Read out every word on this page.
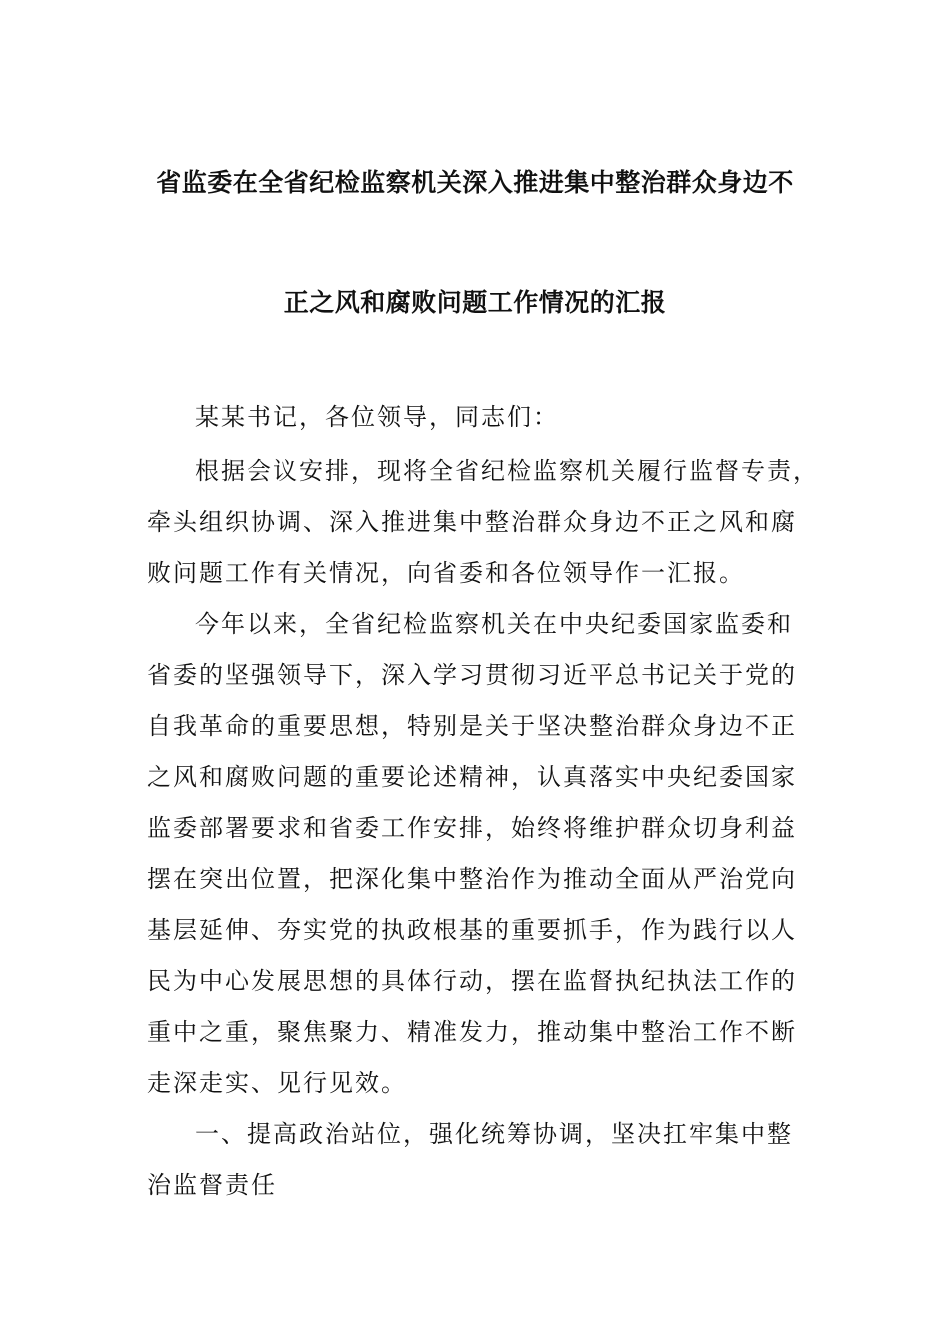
省监委在全省纪检监察机关深入推进集中整治群众身边不
正之风和腐败问题工作情况的汇报
某某书记，各位领导，同志们：
根据会议安排，现将全省纪检监察机关履行监督专责，
牵头组织协调、深入推进集中整治群众身边不正之风和腐
败问题工作有关情况，向省委和各位领导作一汇报。
今年以来，全省纪检监察机关在中央纪委国家监委和
省委的坚强领导下，深入学习贯彻习近平总书记关于党的
自我革命的重要思想，特别是关于坚决整治群众身边不正
之风和腐败问题的重要论述精神，认真落实中央纪委国家
监委部署要求和省委工作安排，始终将维护群众切身利益
摆在突出位置，把深化集中整治作为推动全面从严治党向
基层延伸、夯实党的执政根基的重要抓手，作为践行以人
民为中心发展思想的具体行动，摆在监督执纪执法工作的
重中之重，聚焦聚力、精准发力，推动集中整治工作不断
走深走实、见行见效。
一、提高政治站位，强化统筹协调，坚决扛牢集中整
治监督责任
